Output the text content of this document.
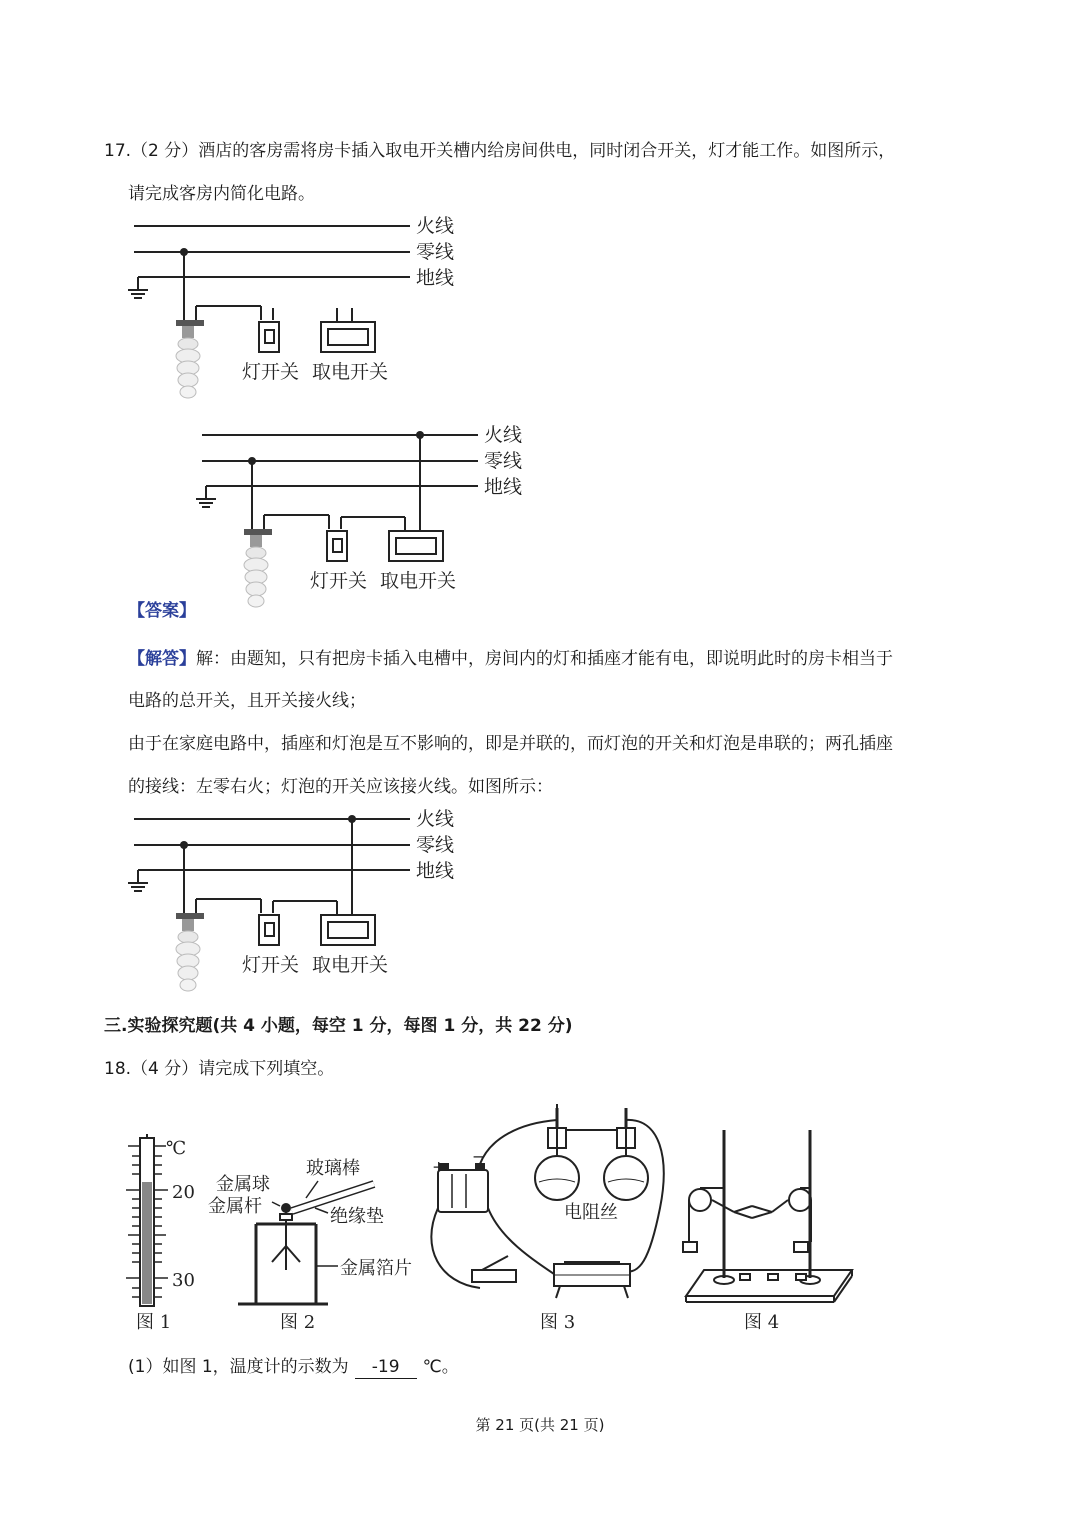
17.（2 分）酒店的客房需将房卡插入取电开关槽内给房间供电，同时闭合开关，灯才能工作。如图所示，
请完成客房内简化电路。
火线
零线
地线
灯开关 取电开关
火线
零线
地线
灯开关 取电开关
【答案】
【解答】解：由题知，只有把房卡插入电槽中，房间内的灯和插座才能有电，即说明此时的房卡相当于
电路的总开关，且开关接火线；
由于在家庭电路中，插座和灯泡是互不影响的，即是并联的，而灯泡的开关和灯泡是串联的；两孔插座
的接线：左零右火；灯泡的开关应该接火线。如图所示：
火线
零线
地线
灯开关 取电开关
三.实验探究题(共 4 小题，每空 1 分，每图 1 分，共 22 分)
18.（4 分）请完成下列填空。
℃
20
30
图 1
金属球
金属杆
玻璃棒
绝缘垫
金属箔片
图 2
+
−
电阻丝
图 3	图 4
(1）如图 1，温度计的示数为 -19 ℃。
第 21 页(共 21 页)
